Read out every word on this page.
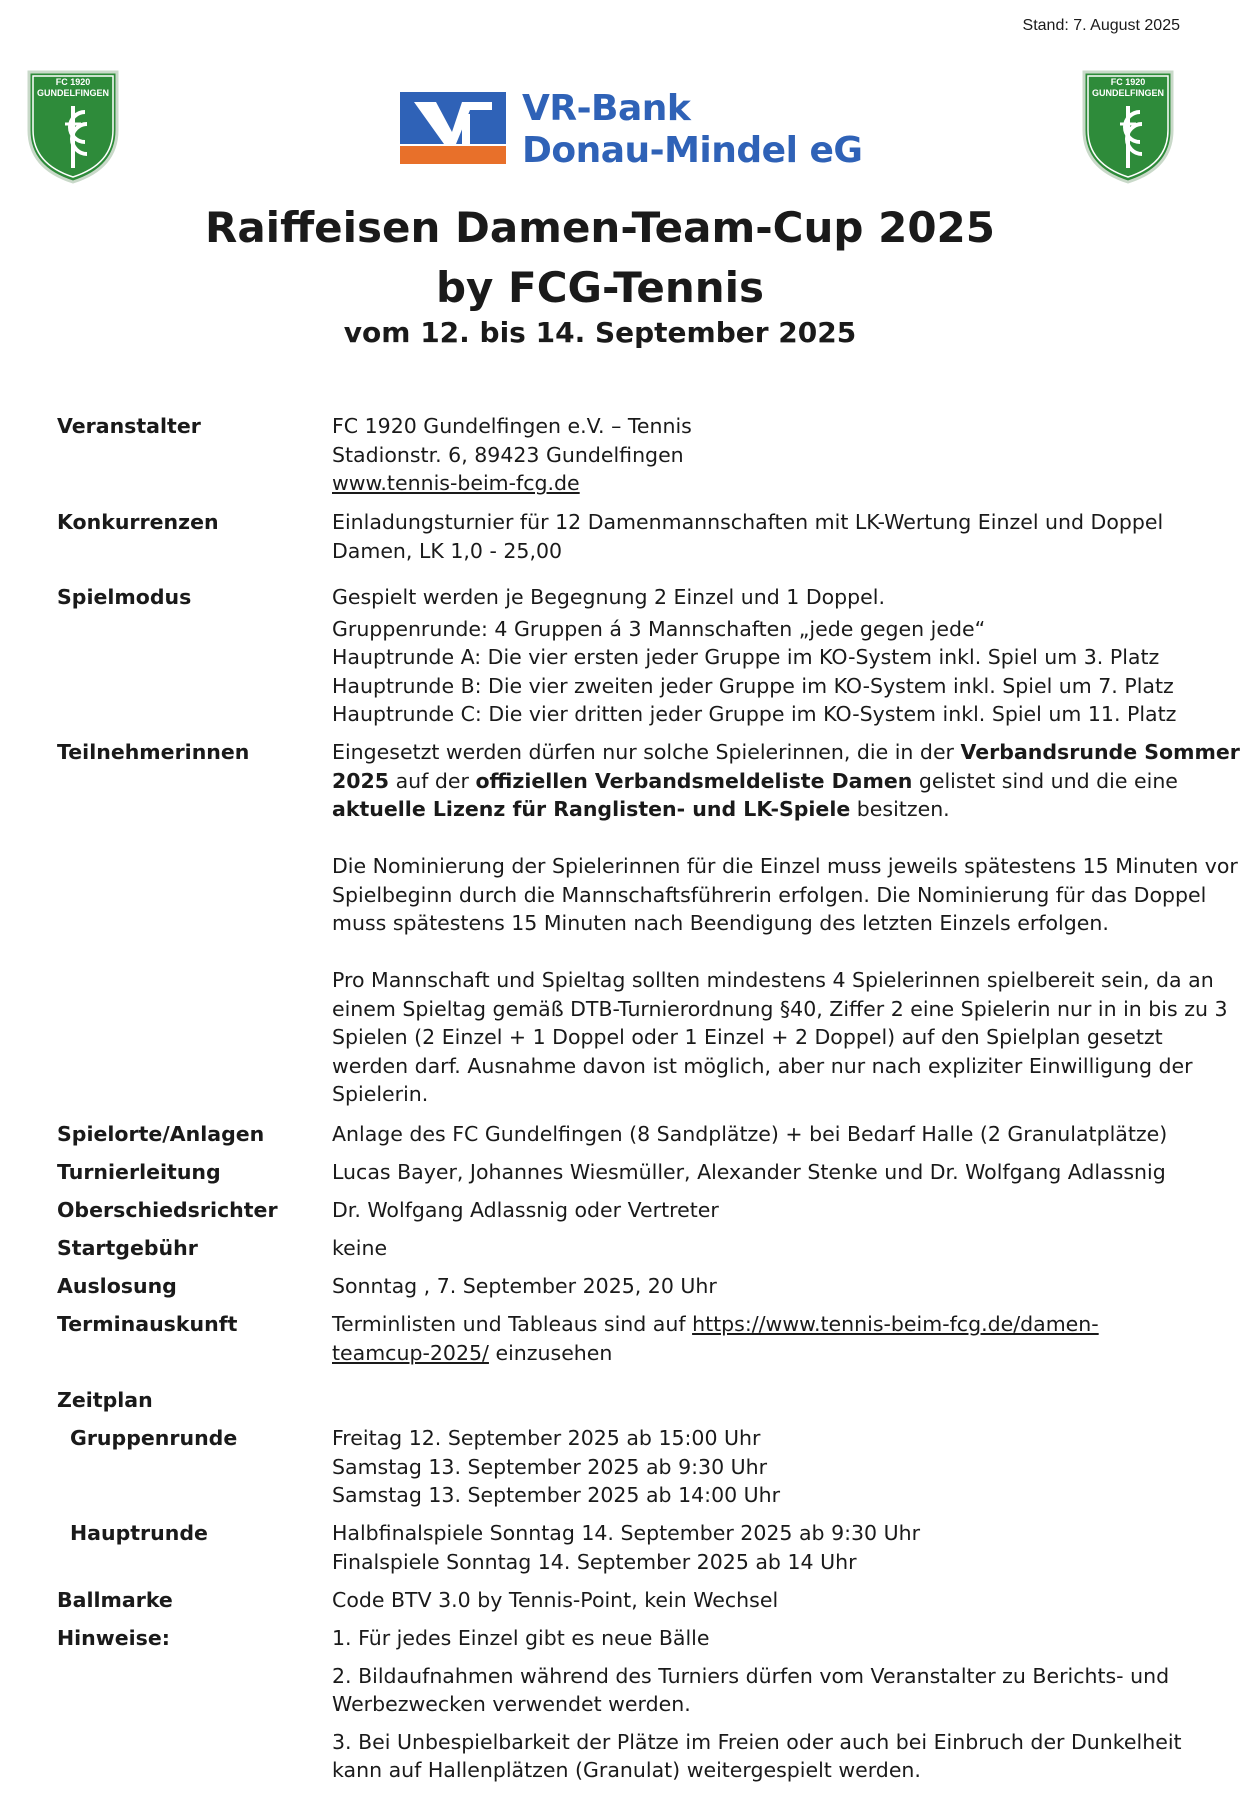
Stand: 7. August 2025
FC 1920
GUNDELFINGEN
FC 1920
GUNDELFINGEN
VR-Bank
Donau-Mindel eG
Raiffeisen Damen-Team-Cup 2025
by FCG-Tennis
vom 12. bis 14. September 2025
Veranstalter	FC 1920 Gundelfingen e.V. – Tennis
Stadionstr. 6, 89423 Gundelfingen
www.tennis-beim-fcg.de
Konkurrenzen	Einladungsturnier für 12 Damenmannschaften mit LK-Wertung Einzel und Doppel
Damen, LK 1,0 - 25,00
Spielmodus	Gespielt werden je Begegnung 2 Einzel und 1 Doppel.
Gruppenrunde: 4 Gruppen á 3 Mannschaften „jede gegen jede“
Hauptrunde A: Die vier ersten jeder Gruppe im KO-System inkl. Spiel um 3. Platz
Hauptrunde B: Die vier zweiten jeder Gruppe im KO-System inkl. Spiel um 7. Platz
Hauptrunde C: Die vier dritten jeder Gruppe im KO-System inkl. Spiel um 11. Platz
Teilnehmerinnen	Eingesetzt werden dürfen nur solche Spielerinnen, die in der Verbandsrunde Sommer
2025 auf der offiziellen Verbandsmeldeliste Damen gelistet sind und die eine
aktuelle Lizenz für Ranglisten- und LK-Spiele besitzen.
Die Nominierung der Spielerinnen für die Einzel muss jeweils spätestens 15 Minuten vor
Spielbeginn durch die Mannschaftsführerin erfolgen. Die Nominierung für das Doppel
muss spätestens 15 Minuten nach Beendigung des letzten Einzels erfolgen.
Pro Mannschaft und Spieltag sollten mindestens 4 Spielerinnen spielbereit sein, da an
einem Spieltag gemäß DTB-Turnierordnung §40, Ziffer 2 eine Spielerin nur in in bis zu 3
Spielen (2 Einzel + 1 Doppel oder 1 Einzel + 2 Doppel) auf den Spielplan gesetzt
werden darf. Ausnahme davon ist möglich, aber nur nach expliziter Einwilligung der
Spielerin.
Spielorte/Anlagen	Anlage des FC Gundelfingen (8 Sandplätze) + bei Bedarf Halle (2 Granulatplätze)
Turnierleitung	Lucas Bayer, Johannes Wiesmüller, Alexander Stenke und Dr. Wolfgang Adlassnig
Oberschiedsrichter	Dr. Wolfgang Adlassnig oder Vertreter
Startgebühr	keine
Auslosung	Sonntag , 7. September 2025, 20 Uhr
Terminauskunft	Terminlisten und Tableaus sind auf https://www.tennis-beim-fcg.de/damen-
teamcup-2025/ einzusehen
Zeitplan
Gruppenrunde	Freitag 12. September 2025 ab 15:00 Uhr
Samstag 13. September 2025 ab 9:30 Uhr
Samstag 13. September 2025 ab 14:00 Uhr
Hauptrunde	Halbfinalspiele Sonntag 14. September 2025 ab 9:30 Uhr
Finalspiele Sonntag 14. September 2025 ab 14 Uhr
Ballmarke	Code BTV 3.0 by Tennis-Point, kein Wechsel
Hinweise:	1. Für jedes Einzel gibt es neue Bälle
2. Bildaufnahmen während des Turniers dürfen vom Veranstalter zu Berichts- und
Werbezwecken verwendet werden.
3. Bei Unbespielbarkeit der Plätze im Freien oder auch bei Einbruch der Dunkelheit
kann auf Hallenplätzen (Granulat) weitergespielt werden.
